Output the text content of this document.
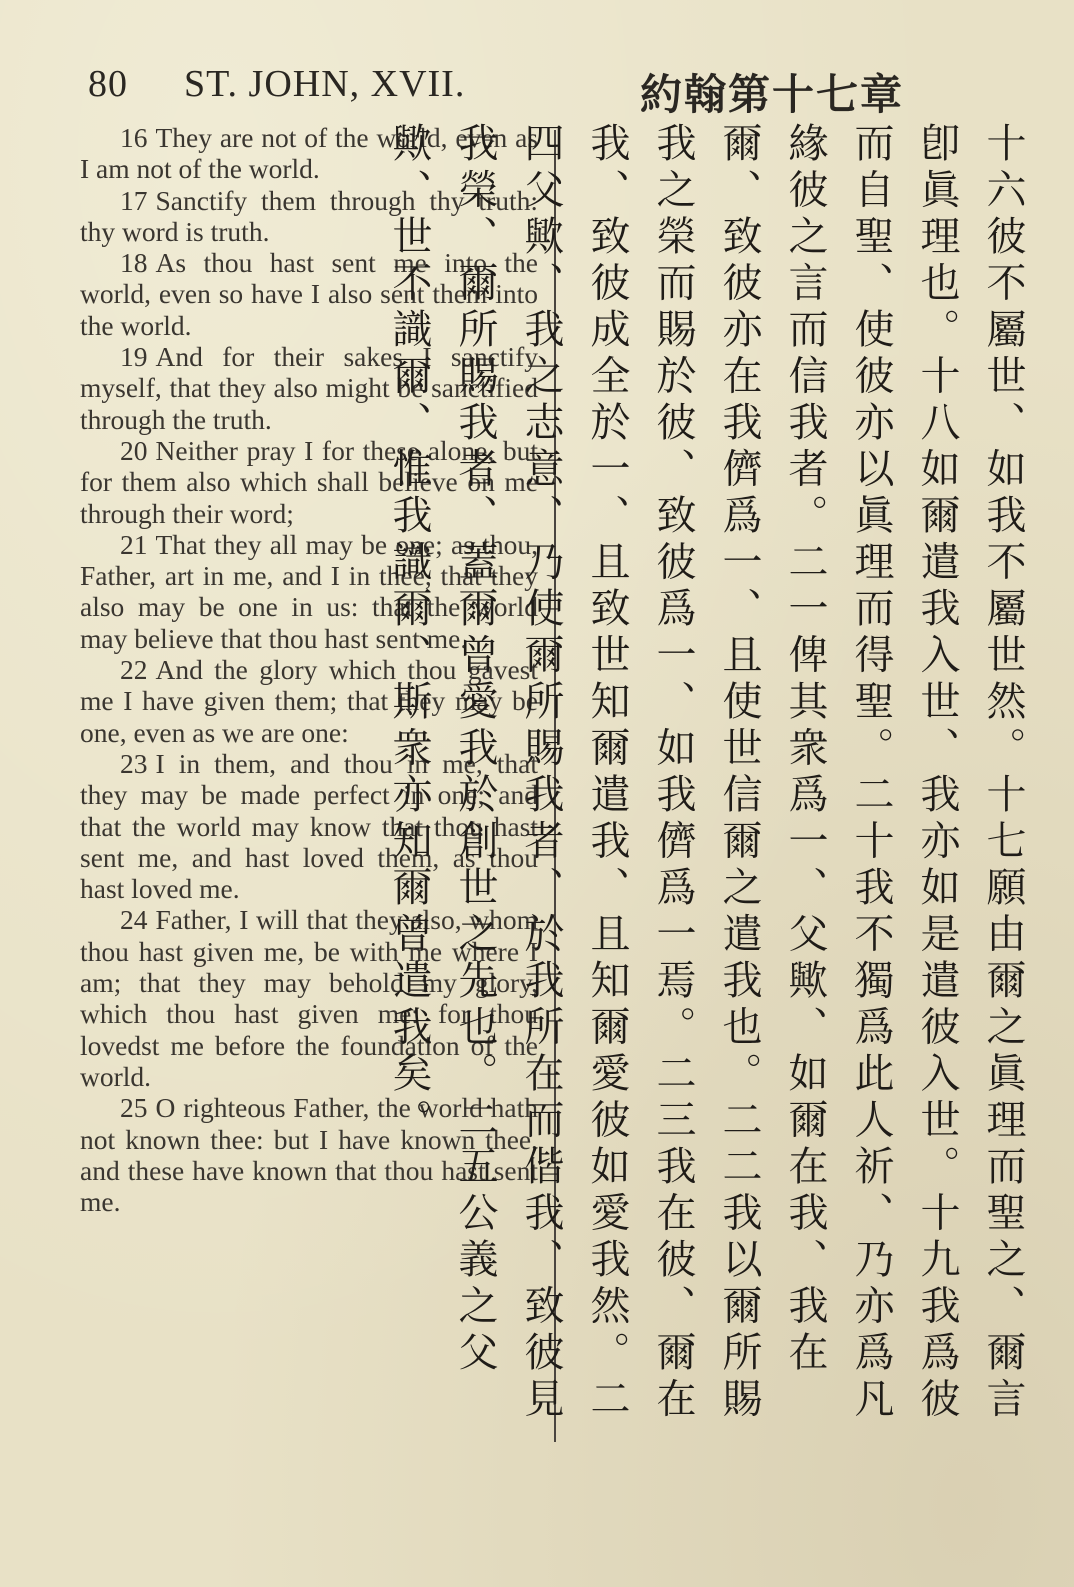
80 ST. JOHN, XVII.	約翰第十七章

16 They are not of the world, even as I am not of the world.

17 Sanctify them through thy truth: thy word is truth.

18 As thou hast sent me into the world, even so have I also sent them into the world.

19 And for their sakes I sanctify myself, that they also might be sanctified through the truth.

20 Neither pray I for these alone, but for them also which shall believe on me through their word;

21 That they all may be one; as thou, Father, art in me, and I in thee, that they also may be one in us: that the world may believe that thou hast sent me.

22 And the glory which thou gavest me I have given them; that they may be one, even as we are one:

23 I in them, and thou in me, that they may be made perfect in one; and that the world may know that thou hast sent me, and hast loved them, as thou hast loved me.

24 Father, I will that they also, whom thou hast given me, be with me where I am; that they may behold my glory, which thou hast given me: for thou lovedst me before the foundation of the world.

25 O righteous Father, the world hath not known thee: but I have known thee, and these have known that thou hast sent me.	十六彼不屬世、如我不屬世然。十七願由爾之眞理而聖之、爾言卽眞理也。十八如爾遣我入世、我亦如是遣彼入世。十九我爲彼而自聖、使彼亦以眞理而得聖。二十我不獨爲此人祈、乃亦爲凡緣彼之言而信我者。二一俾其衆爲一、父歟、如爾在我、我在爾、致彼亦在我儕爲一、且使世信爾之遣我也。二二我以爾所賜我之榮而賜於彼、致彼爲一、如我儕爲一焉。二三我在彼、爾在我、致彼成全於一、且致世知爾遣我、且知爾愛彼如愛我然。二四父歟、我之志意、乃使爾所賜我者、於我所在而偕我、致彼見我榮、爾所賜我者、蓋爾曾愛我於創世之先也。二五公義之父歟、世不識爾、惟我識爾、斯衆亦知爾曾遣我矣。
